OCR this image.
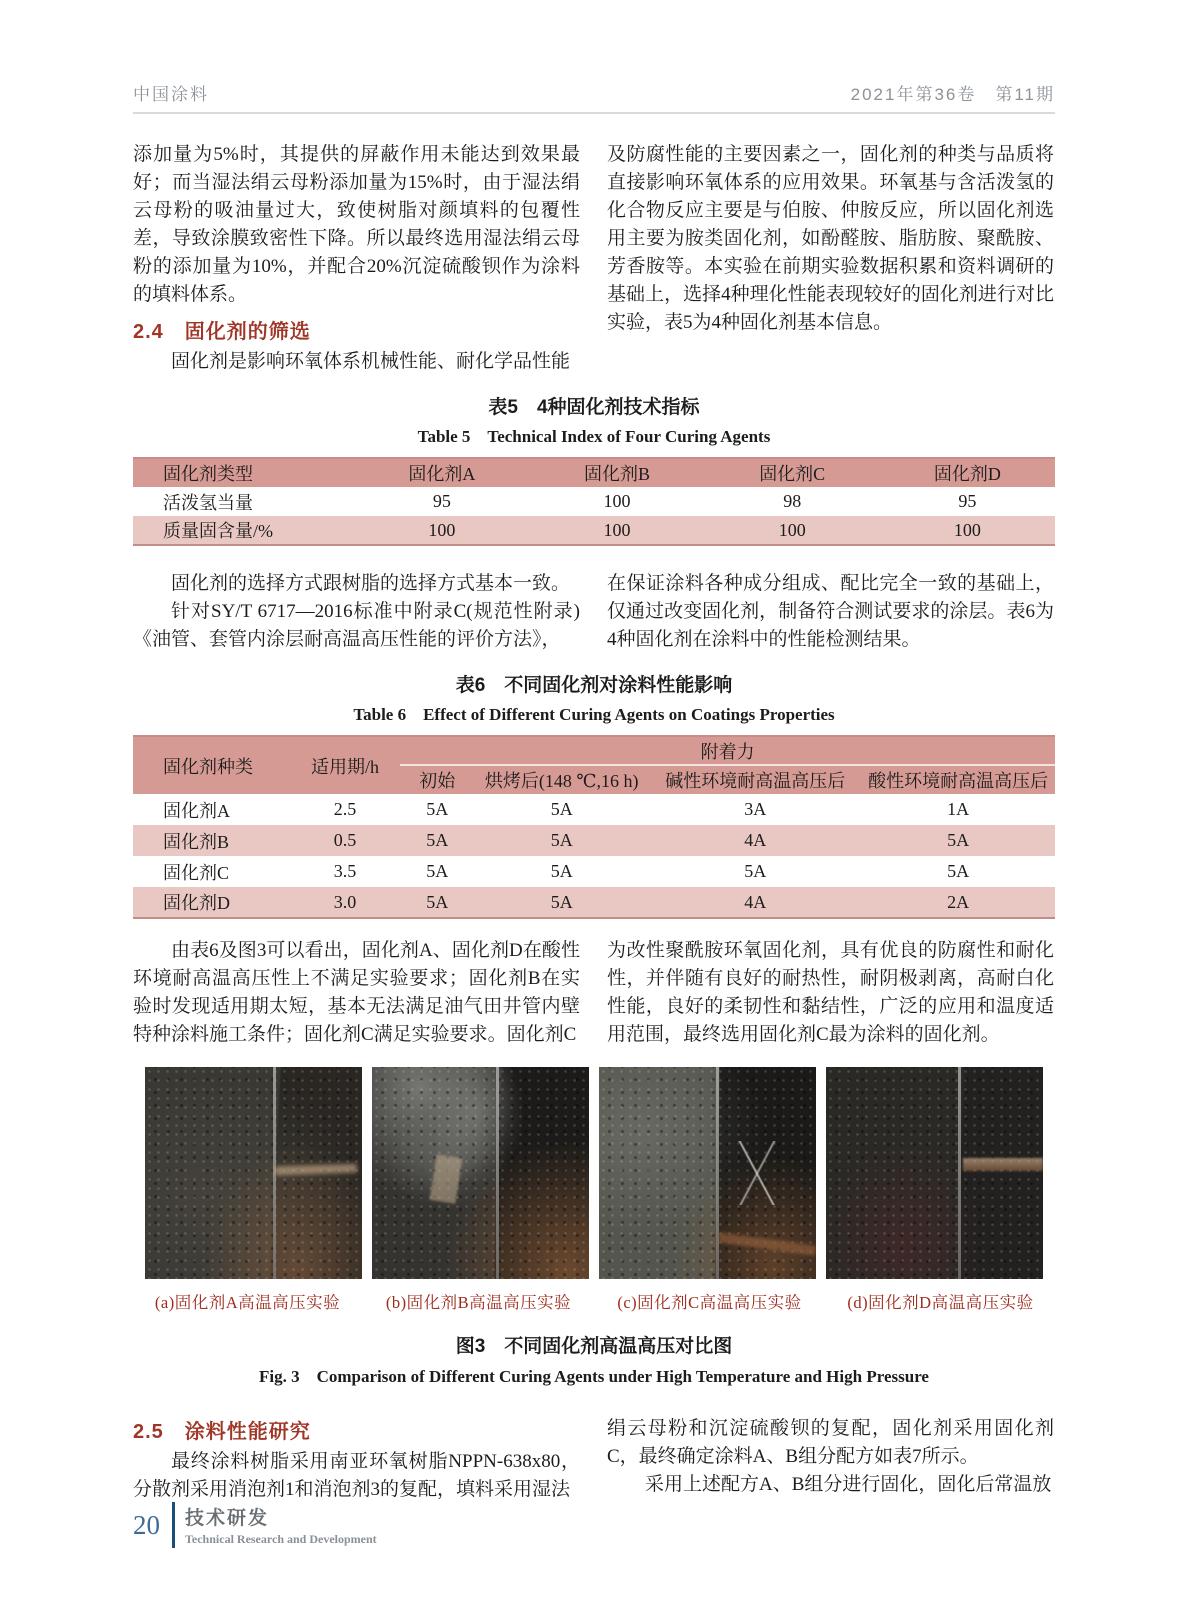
中国涂料	2021年第36卷　第11期

添加量为5%时，其提供的屏蔽作用未能达到效果最好；而当湿法绢云母粉添加量为15%时，由于湿法绢云母粉的吸油量过大，致使树脂对颜填料的包覆性差，导致涂膜致密性下降。所以最终选用湿法绢云母粉的添加量为10%，并配合20%沉淀硫酸钡作为涂料的填料体系。

2.4　固化剂的筛选

固化剂是影响环氧体系机械性能、耐化学品性能

及防腐性能的主要因素之一，固化剂的种类与品质将直接影响环氧体系的应用效果。环氧基与含活泼氢的化合物反应主要是与伯胺、仲胺反应，所以固化剂选用主要为胺类固化剂，如酚醛胺、脂肪胺、聚酰胺、芳香胺等。本实验在前期实验数据积累和资料调研的基础上，选择4种理化性能表现较好的固化剂进行对比实验，表5为4种固化剂基本信息。

表5　4种固化剂技术指标
Table 5　Technical Index of Four Curing Agents
固化剂类型	固化剂A	固化剂B	固化剂C	固化剂D
活泼氢当量	95	100	98	95
质量固含量/%	100	100	100	100

固化剂的选择方式跟树脂的选择方式基本一致。

针对SY/T 6717—2016标准中附录C(规范性附录)《油管、套管内涂层耐高温高压性能的评价方法》，

在保证涂料各种成分组成、配比完全一致的基础上，仅通过改变固化剂，制备符合测试要求的涂层。表6为4种固化剂在涂料中的性能检测结果。

表6　不同固化剂对涂料性能影响
Table 6　Effect of Different Curing Agents on Coatings Properties
固化剂种类	适用期/h	附着力			
		初始	烘烤后(148 ℃,16 h)	碱性环境耐高温高压后	酸性环境耐高温高压后
固化剂A	2.5	5A	5A	3A	1A
固化剂B	0.5	5A	5A	4A	5A
固化剂C	3.5	5A	5A	5A	5A
固化剂D	3.0	5A	5A	4A	2A

由表6及图3可以看出，固化剂A、固化剂D在酸性环境耐高温高压性上不满足实验要求；固化剂B在实验时发现适用期太短，基本无法满足油气田井管内壁特种涂料施工条件；固化剂C满足实验要求。固化剂C

为改性聚酰胺环氧固化剂，具有优良的防腐性和耐化性，并伴随有良好的耐热性，耐阴极剥离，高耐白化性能，良好的柔韧性和黏结性，广泛的应用和温度适用范围，最终选用固化剂C最为涂料的固化剂。

(a)固化剂A高温高压实验	(b)固化剂B高温高压实验	(c)固化剂C高温高压实验	(d)固化剂D高温高压实验
图3　不同固化剂高温高压对比图
Fig. 3　Comparison of Different Curing Agents under High Temperature and High Pressure
2.5　涂料性能研究

最终涂料树脂采用南亚环氧树脂NPPN-638x80，分散剂采用消泡剂1和消泡剂3的复配，填料采用湿法

绢云母粉和沉淀硫酸钡的复配，固化剂采用固化剂C，最终确定涂料A、B组分配方如表7所示。

采用上述配方A、B组分进行固化，固化后常温放

20 技术研发
Technical Research and Development
